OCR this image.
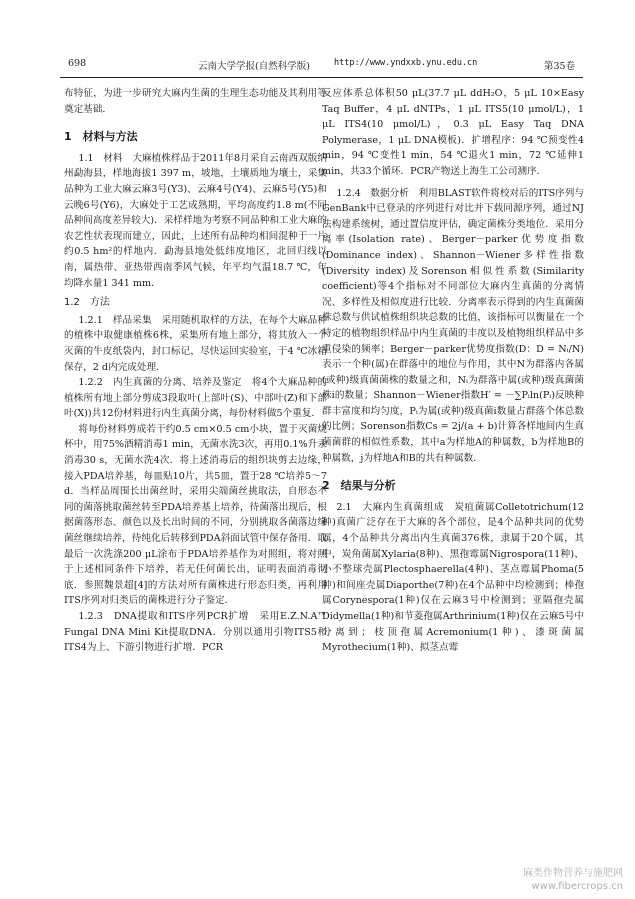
698	云南大学学报(自然科学版)	http://www.yndxxb.ynu.edu.cn	第35卷

布特征，为进一步研究大麻内生菌的生理生态功能及其利用等奠定基础．

1　材料与方法

1.1　材料　大麻植株样品于2011年8月采自云南西双版纳州勐海县，样地海拔1 397 m，坡地，土壤质地为壤土，采集品种为工业大麻云麻3号(Y3)、云麻4号(Y4)、云麻5号(Y5)和云晚6号(Y6)，大麻处于工艺成熟期，平均高度约1.8 m(不同品种间高度差异较大)．采样样地为考察不同品种和工业大麻的农艺性状表现而建立，因此，上述所有品种均相间混种于一片约0.5 hm²的样地内．勐海县地处低纬度地区，北回归线以南，属热带、亚热带西南季风气候，年平均气温18.7 ℃，年均降水量1 341 mm．

1.2　方法

1.2.1　样品采集　采用随机取样的方法，在每个大麻品种的植株中取健康植株6株，采集所有地上部分，将其放入一个灭菌的牛皮纸袋内，封口标记，尽快运回实验室，于4 ℃冰箱保存，2 d内完成处理．

1.2.2　内生真菌的分离、培养及鉴定　将4个大麻品种的植株所有地上部分剪成3段取叶(上部叶(S)、中部叶(Z)和下部叶(X))共12份材料进行内生真菌分离，每份材料做5个重复．

将每份材料剪成若干约0.5 cm×0.5 cm小块，置于灭菌烧杯中，用75%酒精消毒1 min，无菌水洗3次，再用0.1%升汞消毒30 s，无菌水洗4次．将上述消毒后的组织块剪去边缘，接入PDA培养基，每皿贴10片，共5皿，置于28 ℃培养5～7 d．当样品周围长出菌丝时，采用尖端菌丝挑取法，自形态不同的菌落挑取菌丝转至PDA培养基上培养，待菌落出现后，根据菌落形态、颜色以及长出时间的不同，分别挑取各菌落边缘菌丝继续培养，待纯化后转移到PDA斜面试管中保存备用．取最后一次洗涤200 μL涂布于PDA培养基作为对照组，将对照于上述相同条件下培养，若无任何菌长出，证明表面消毒彻底．参照魏景超[4]的方法对所有菌株进行形态归类，再利用ITS序列对归类后的菌株进行分子鉴定．

1.2.3　DNA提取和ITS序列PCR扩增　采用E.Z.N.A™ Fungal DNA Mini Kit提取DNA．分别以通用引物ITS5和ITS4为上、下游引物进行扩增．PCR

反应体系总体积50 μL(37.7 μL ddH₂O，5 μL 10×Easy Taq Buffer，4 μL dNTPs，1 μL ITS5(10 μmol/L)，1 μL ITS4(10 μmol/L)，0.3 μL Easy Taq DNA Polymerase，1 μL DNA模板)．扩增程序：94 ℃预变性4 min，94 ℃变性1 min，54 ℃退火1 min，72 ℃延伸1 min，共33个循环．PCR产物送上海生工公司测序．

1.2.4　数据分析　利用BLAST软件将校对后的ITS序列与GenBank中已登录的序列进行对比并下载同源序列，通过NJ法构建系统树，通过置信度评估，确定菌株分类地位．采用分离率(Isolation rate)、Berger－parker优势度指数(Dominance index)、Shannon－Wiener多样性指数(Diversity index)及Sorenson相似性系数(Similarity coefficient)等4个指标对不同部位大麻内生真菌的分离情况、多样性及相似度进行比较．分离率表示得到的内生真菌菌株总数与供试植株组织块总数的比值，该指标可以衡量在一个特定的植物组织样品中内生真菌的丰度以及植物组织样品中多重侵染的频率；Berger－parker优势度指数(D：D = Nᵢ/N)表示一个种(属)在群落中的地位与作用，其中N为群落内各属(或种)级真菌菌株的数量之和，Nᵢ为群落中属(或种)级真菌菌株i的数量；Shannon－Wiener指数H′ = －∑Pᵢln(Pᵢ)反映种群丰富度和均匀度，Pᵢ为属(或种)级真菌i数量占群落个体总数的比例；Sorenson指数Cs = 2j/(a + b)计算各样地间内生真菌菌群的相似性系数，其中a为样地A的种属数，b为样地B的种属数，j为样地A和B的共有种属数．

2　结果与分析

2.1　大麻内生真菌组成　炭疽菌属Colletotrichum(12种)真菌广泛存在于大麻的各个部位，是4个品种共同的优势属，4个品种共分离出内生真菌376株，隶属于20个属，其中，炭角菌属Xylaria(8种)、黑孢霉属Nigrospora(11种)、小不整球壳属Plectosphaerella(4种)、茎点霉属Phoma(5种)和间座壳属Diaporthe(7种)在4个品种中均检测到；棒孢属Corynespora(1种)仅在云麻3号中检测到；亚隔孢壳属Didymella(1种)和节菱孢属Arthrinium(1种)仅在云麻5号中分离到；枝顶孢属Acremonium(1种)、漆斑菌属Myrothecium(1种)、拟茎点霉

麻类作物营养与施肥网
www.fibercrops.cn
